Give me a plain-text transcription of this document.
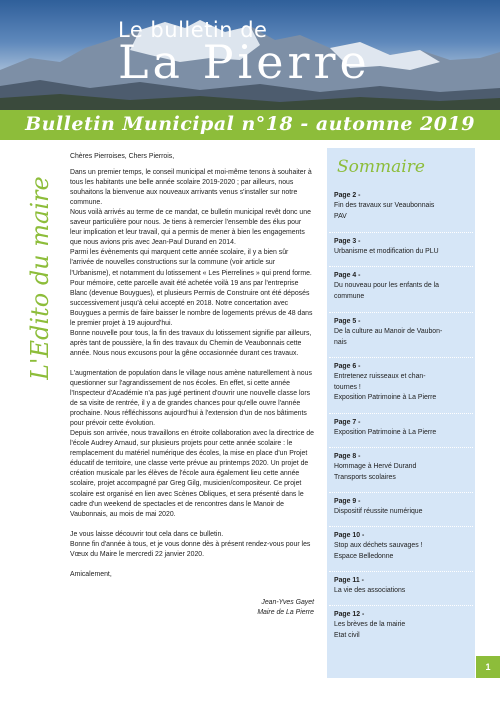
Le bulletin de
La Pierre
Bulletin Municipal n°18 - automne 2019
L'Edito du maire

Chères Pierroises, Chers Pierrois,

Dans un premier temps, le conseil municipal et moi-même tenons à souhaiter à tous les habitants une belle année scolaire 2019-2020 ; par ailleurs, nous souhaitons la bienvenue aux nouveaux arrivants venus s'installer sur notre commune.

Nous voilà arrivés au terme de ce mandat, ce bulletin municipal revêt donc une saveur particulière pour nous. Je tiens à remercier l'ensemble des élus pour leur implication et leur travail, qui a permis de mener à bien les engagements que nous avions pris avec Jean-Paul Durand en 2014.

Parmi les évènements qui marquent cette année scolaire, il y a bien sûr l'arrivée de nouvelles constructions sur la commune (voir article sur l'Urbanisme), et notamment du lotissement « Les Pierrelines » qui prend forme. Pour mémoire, cette parcelle avait été achetée voilà 19 ans par l'entreprise Blanc (devenue Bouygues), et plusieurs Permis de Construire ont été déposés successivement jusqu'à celui accepté en 2018. Notre concertation avec Bouygues a permis de faire baisser le nombre de logements prévus de 48 dans le premier projet à 19 aujourd'hui.

Bonne nouvelle pour tous, la fin des travaux du lotissement signifie par ailleurs, après tant de poussière, la fin des travaux du Chemin de Veaubonnais cette année. Nous nous excusons pour la gêne occasionnée durant ces travaux.

L'augmentation de population dans le village nous amène naturellement à nous questionner sur l'agrandissement de nos écoles. En effet, si cette année l'Inspecteur d'Académie n'a pas jugé pertinent d'ouvrir une nouvelle classe lors de sa visite de rentrée, il y a de grandes chances pour qu'elle ouvre l'année prochaine. Nous réfléchissons aujourd'hui à l'extension d'un de nos bâtiments pour prévoir cette évolution.

Depuis son arrivée, nous travaillons en étroite collaboration avec la directrice de l'école Audrey Arnaud, sur plusieurs projets pour cette année scolaire : le remplacement du matériel numérique des écoles, la mise en place d'un Projet éducatif de territoire, une classe verte prévue au printemps 2020. Un projet de création musicale par les élèves de l'école aura également lieu cette année scolaire, projet accompagné par Greg Gilg, musicien/compositeur. Ce projet scolaire est organisé en lien avec Scènes Obliques, et sera présenté dans le cadre d'un weekend de spectacles et de rencontres dans le Manoir de Vaubonnais, au mois de mai 2020.

Je vous laisse découvrir tout cela dans ce bulletin.

Bonne fin d'année à tous, et je vous donne dès à présent rendez-vous pour les Vœux du Maire le mercredi 22 janvier 2020.

Amicalement,

Jean-Yves Gayet
Maire de La Pierre
Sommaire
Page 2 -
Fin des travaux sur Veaubonnais
PAV
Page 3 -
Urbanisme et modification du PLU
Page 4 -
Du nouveau pour les enfants de la
commune
Page 5 -
De la culture au Manoir de Vaubon-
nais
Page 6 -
Entretenez ruisseaux et chan-
tournes !
Exposition Patrimoine à La Pierre
Page 7 -
Exposition Patrimoine à La Pierre
Page 8 -
Hommage à Hervé Durand
Transports scolaires
Page 9 -
Dispositif réussite numérique
Page 10 -
Stop aux déchets sauvages !
Espace Belledonne
Page 11 -
La vie des associations
Page 12 -
Les brèves de la mairie
Etat civil
1
